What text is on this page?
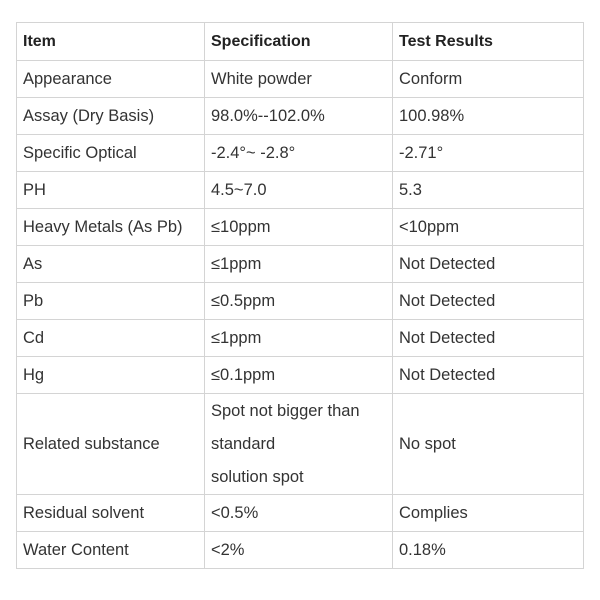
Item	Specification	Test Results
Appearance	White powder	Conform
Assay (Dry Basis)	98.0%--102.0%	100.98%
Specific Optical	-2.4°~ -2.8°	-2.71°
PH	4.5~7.0	5.3
Heavy Metals (As Pb)	≤10ppm	<10ppm
As	≤1ppm	Not Detected
Pb	≤0.5ppm	Not Detected
Cd	≤1ppm	Not Detected
Hg	≤0.1ppm	Not Detected
Related substance	Spot not bigger than
standard
solution spot	No spot
Residual solvent	<0.5%	Complies
Water Content	<2%	0.18%
